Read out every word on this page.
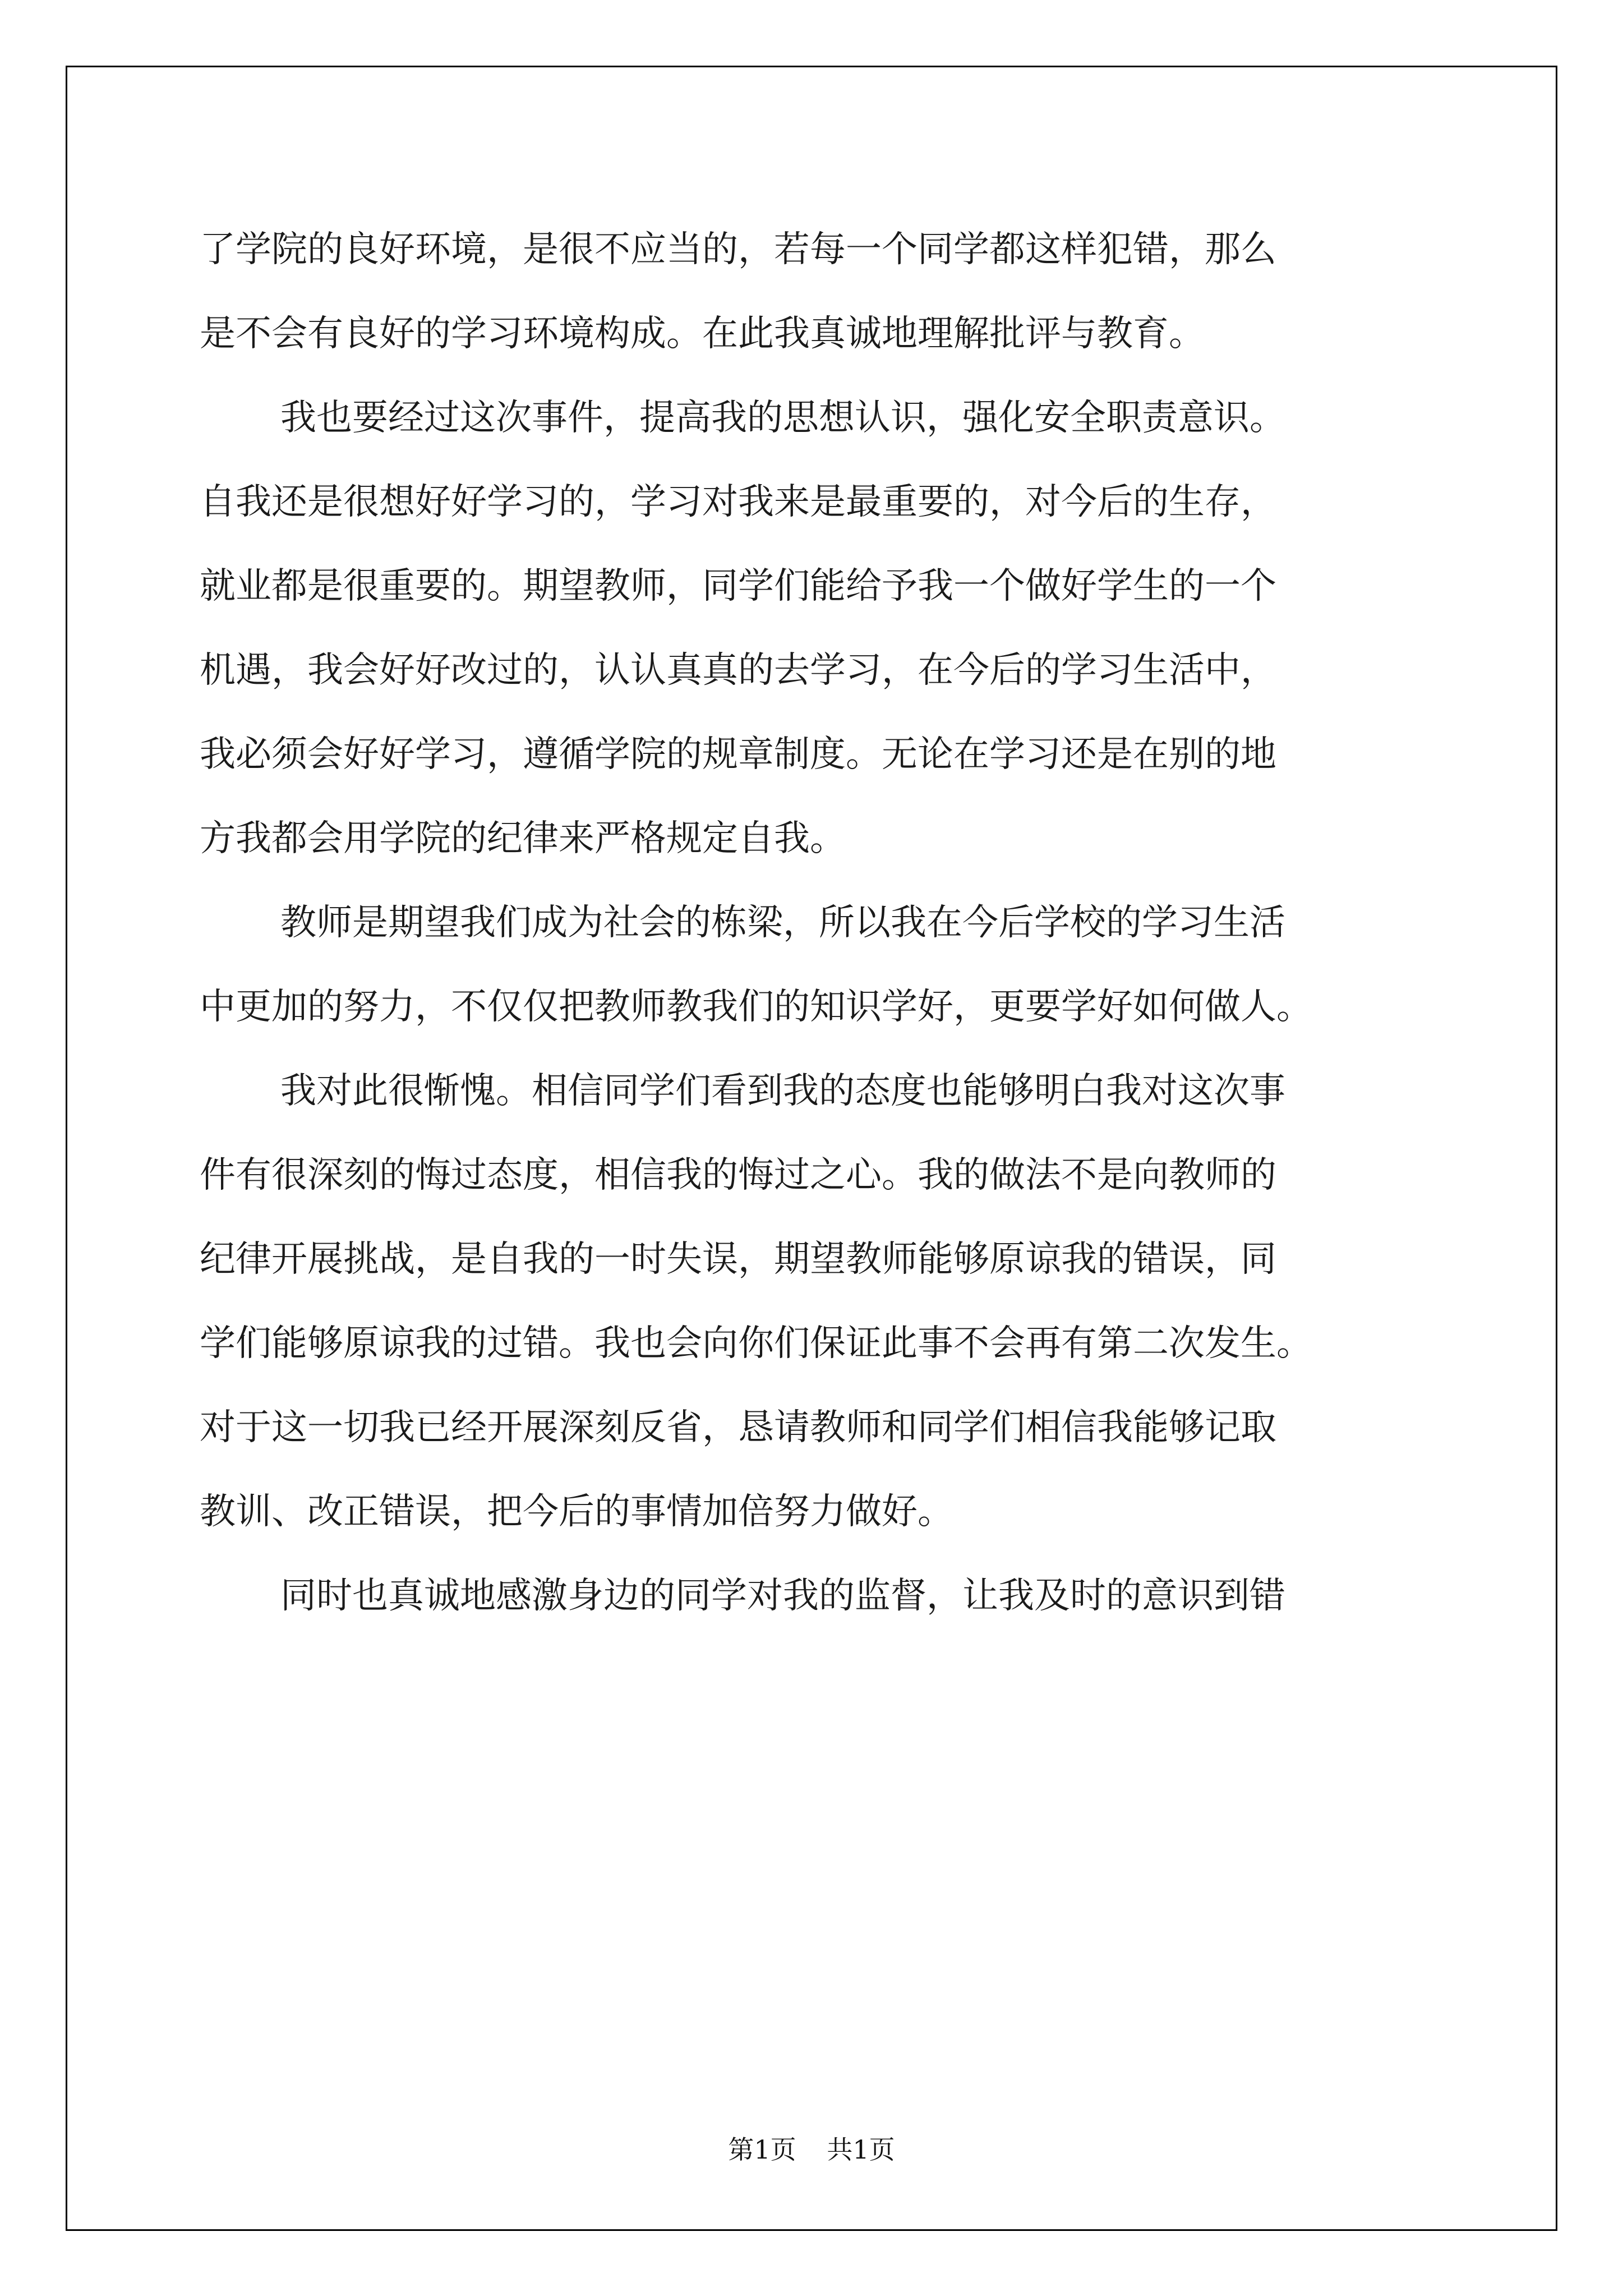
了学院的良好环境，是很不应当的，若每一个同学都这样犯错，那么
是不会有良好的学习环境构成。在此我真诚地理解批评与教育。
我也要经过这次事件，提高我的思想认识，强化安全职责意识。
自我还是很想好好学习的，学习对我来是最重要的，对今后的生存，
就业都是很重要的。期望教师，同学们能给予我一个做好学生的一个
机遇，我会好好改过的，认认真真的去学习，在今后的学习生活中，
我必须会好好学习，遵循学院的规章制度。无论在学习还是在别的地
方我都会用学院的纪律来严格规定自我。
教师是期望我们成为社会的栋梁，所以我在今后学校的学习生活
中更加的努力，不仅仅把教师教我们的知识学好，更要学好如何做人。
我对此很惭愧。相信同学们看到我的态度也能够明白我对这次事
件有很深刻的悔过态度，相信我的悔过之心。我的做法不是向教师的
纪律开展挑战，是自我的一时失误，期望教师能够原谅我的错误，同
学们能够原谅我的过错。我也会向你们保证此事不会再有第二次发生。
对于这一切我已经开展深刻反省，恳请教师和同学们相信我能够记取
教训、改正错误，把今后的事情加倍努力做好。
同时也真诚地感激身边的同学对我的监督，让我及时的意识到错
第1页 共1页
